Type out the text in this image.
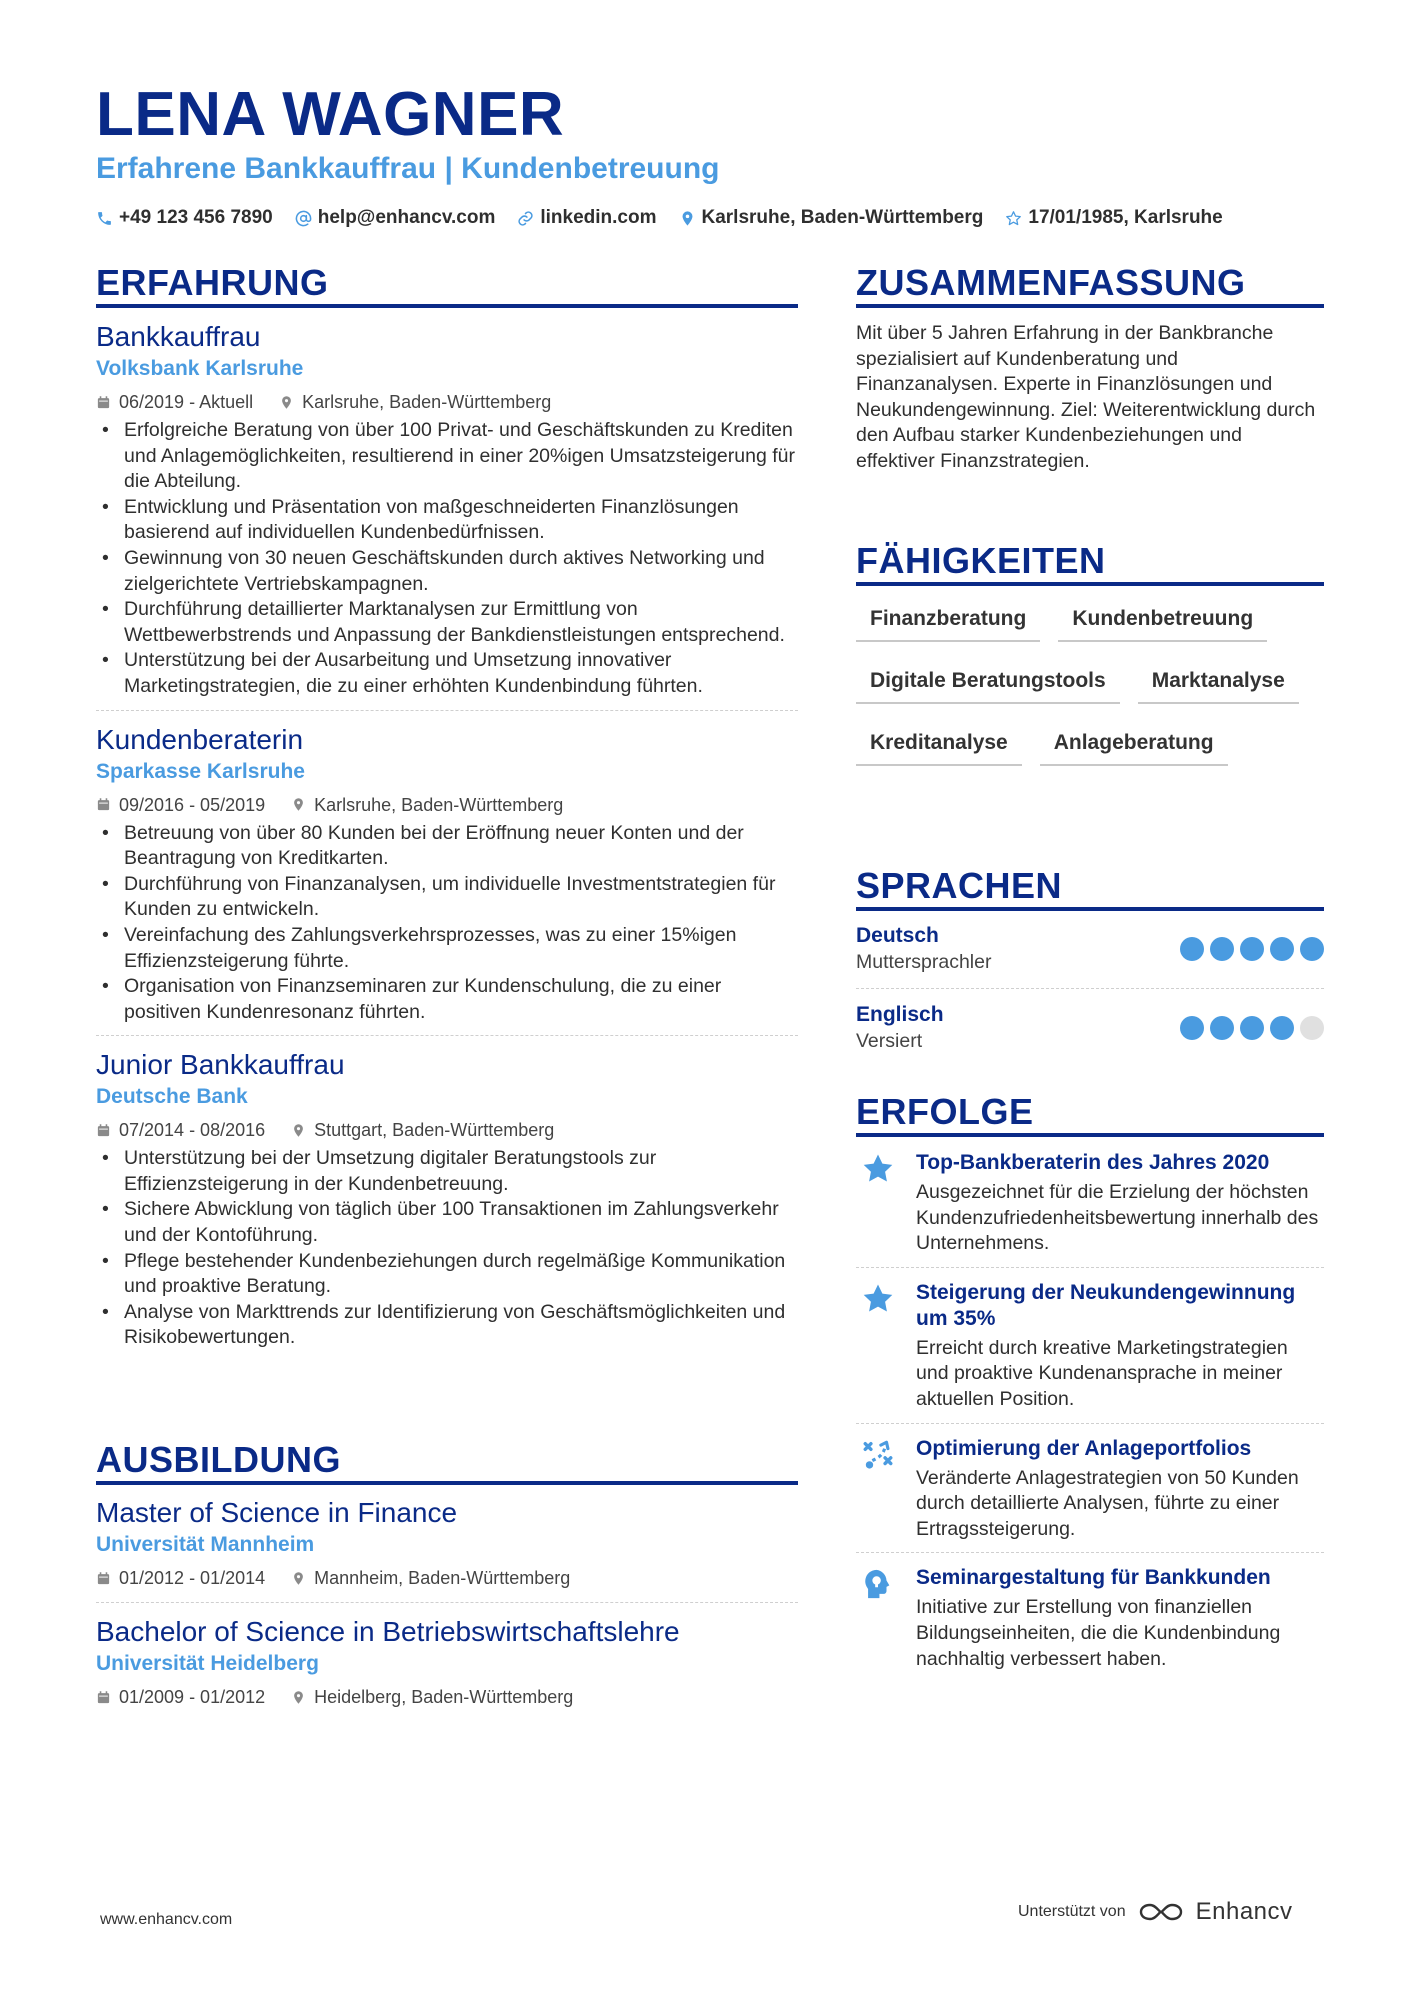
LENA WAGNER
Erfahrene Bankkauffrau | Kundenbetreuung
+49 123 456 7890 help@enhancv.com linkedin.com Karlsruhe, Baden-Württemberg 17/01/1985, Karlsruhe
ERFAHRUNG
Bankkauffrau
Volksbank Karlsruhe
06/2019 - Aktuell	Karlsruhe, Baden-Württemberg
• Erfolgreiche Beratung von über 100 Privat- und Geschäftskunden zu Krediten und Anlagemöglichkeiten, resultierend in einer 20%igen Umsatzsteigerung für die Abteilung.
• Entwicklung und Präsentation von maßgeschneiderten Finanzlösungen basierend auf individuellen Kundenbedürfnissen.
• Gewinnung von 30 neuen Geschäftskunden durch aktives Networking und zielgerichtete Vertriebskampagnen.
• Durchführung detaillierter Marktanalysen zur Ermittlung von Wettbewerbstrends und Anpassung der Bankdienstleistungen entsprechend.
• Unterstützung bei der Ausarbeitung und Umsetzung innovativer Marketingstrategien, die zu einer erhöhten Kundenbindung führten.
Kundenberaterin
Sparkasse Karlsruhe
09/2016 - 05/2019	Karlsruhe, Baden-Württemberg
• Betreuung von über 80 Kunden bei der Eröffnung neuer Konten und der Beantragung von Kreditkarten.
• Durchführung von Finanzanalysen, um individuelle Investmentstrategien für Kunden zu entwickeln.
• Vereinfachung des Zahlungsverkehrsprozesses, was zu einer 15%igen Effizienzsteigerung führte.
• Organisation von Finanzseminaren zur Kundenschulung, die zu einer positiven Kundenresonanz führten.
Junior Bankkauffrau
Deutsche Bank
07/2014 - 08/2016	Stuttgart, Baden-Württemberg
• Unterstützung bei der Umsetzung digitaler Beratungstools zur Effizienzsteigerung in der Kundenbetreuung.
• Sichere Abwicklung von täglich über 100 Transaktionen im Zahlungsverkehr und der Kontoführung.
• Pflege bestehender Kundenbeziehungen durch regelmäßige Kommunikation und proaktive Beratung.
• Analyse von Markttrends zur Identifizierung von Geschäftsmöglichkeiten und Risikobewertungen.
AUSBILDUNG
Master of Science in Finance
Universität Mannheim
01/2012 - 01/2014	Mannheim, Baden-Württemberg
Bachelor of Science in Betriebswirtschaftslehre
Universität Heidelberg
01/2009 - 01/2012	Heidelberg, Baden-Württemberg
ZUSAMMENFASSUNG
Mit über 5 Jahren Erfahrung in der Bankbranche spezialisiert auf Kundenberatung und Finanzanalysen. Experte in Finanzlösungen und Neukundengewinnung. Ziel: Weiterentwicklung durch den Aufbau starker Kundenbeziehungen und effektiver Finanzstrategien.
FÄHIGKEITEN
Finanzberatung	Kundenbetreuung
Digitale Beratungstools	Marktanalyse
Kreditanalyse	Anlageberatung
SPRACHEN
Deutsch
Muttersprachler
Englisch
Versiert
ERFOLGE
Top-Bankberaterin des Jahres 2020
Ausgezeichnet für die Erzielung der höchsten Kundenzufriedenheitsbewertung innerhalb des Unternehmens.
Steigerung der Neukundengewinnung um 35%
Erreicht durch kreative Marketingstrategien und proaktive Kundenansprache in meiner aktuellen Position.
Optimierung der Anlageportfolios
Veränderte Anlagestrategien von 50 Kunden durch detaillierte Analysen, führte zu einer Ertragssteigerung.
Seminargestaltung für Bankkunden
Initiative zur Erstellung von finanziellen Bildungseinheiten, die die Kundenbindung nachhaltig verbessert haben.
www.enhancv.com	Unterstützt von	Enhancv
